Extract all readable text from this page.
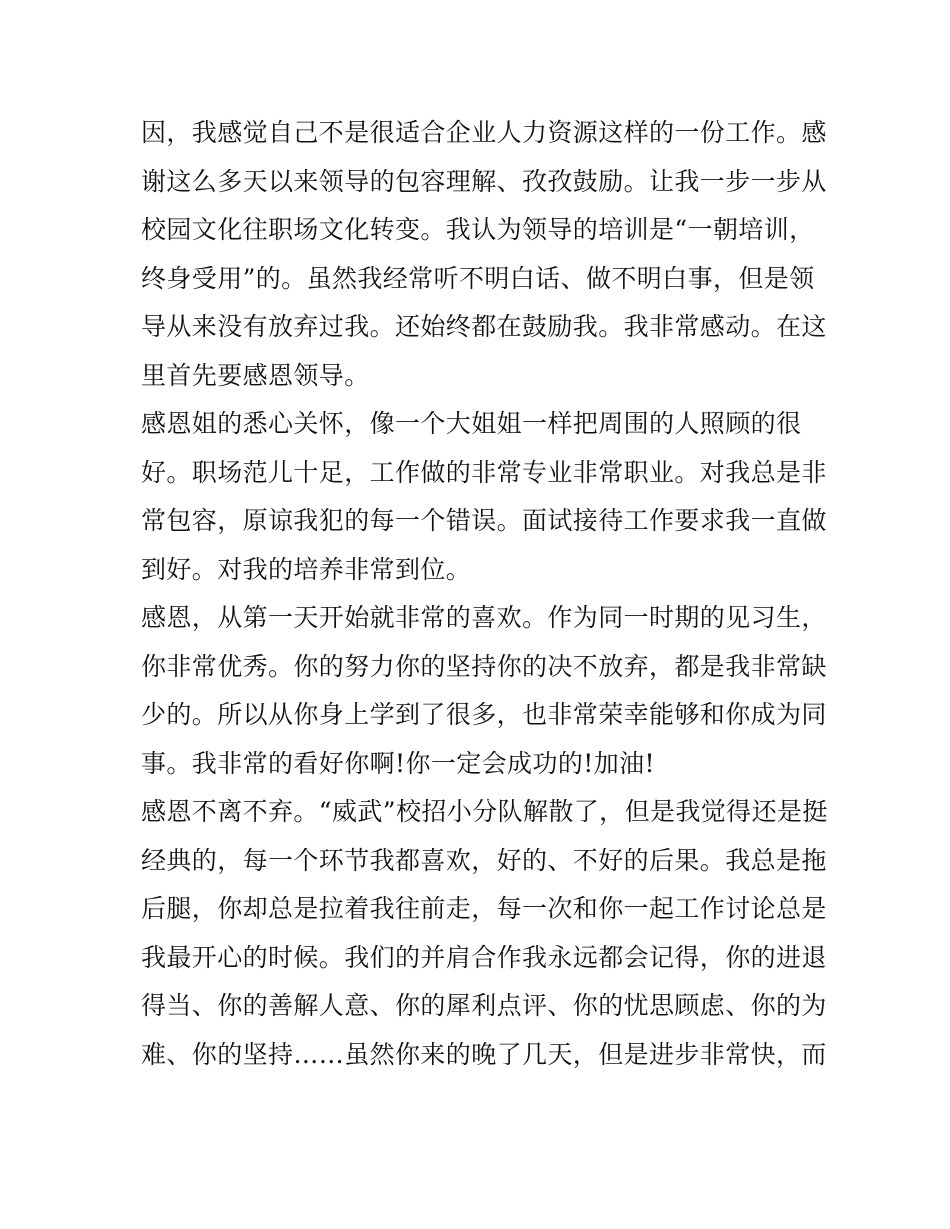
因，我感觉自己不是很适合企业人力资源这样的一份工作。感
谢这么多天以来领导的包容理解、孜孜鼓励。让我一步一步从
校园文化往职场文化转变。我认为领导的培训是“一朝培训，
终身受用”的。虽然我经常听不明白话、做不明白事，但是领
导从来没有放弃过我。还始终都在鼓励我。我非常感动。在这
里首先要感恩领导。
感恩姐的悉心关怀，像一个大姐姐一样把周围的人照顾的很
好。职场范儿十足，工作做的非常专业非常职业。对我总是非
常包容，原谅我犯的每一个错误。面试接待工作要求我一直做
到好。对我的培养非常到位。
感恩，从第一天开始就非常的喜欢。作为同一时期的见习生，
你非常优秀。你的努力你的坚持你的决不放弃，都是我非常缺
少的。所以从你身上学到了很多，也非常荣幸能够和你成为同
事。我非常的看好你啊!你一定会成功的!加油!
感恩不离不弃。“威武”校招小分队解散了，但是我觉得还是挺
经典的，每一个环节我都喜欢，好的、不好的后果。我总是拖
后腿，你却总是拉着我往前走，每一次和你一起工作讨论总是
我最开心的时候。我们的并肩合作我永远都会记得，你的进退
得当、你的善解人意、你的犀利点评、你的忧思顾虑、你的为
难、你的坚持……虽然你来的晚了几天，但是进步非常快，而
